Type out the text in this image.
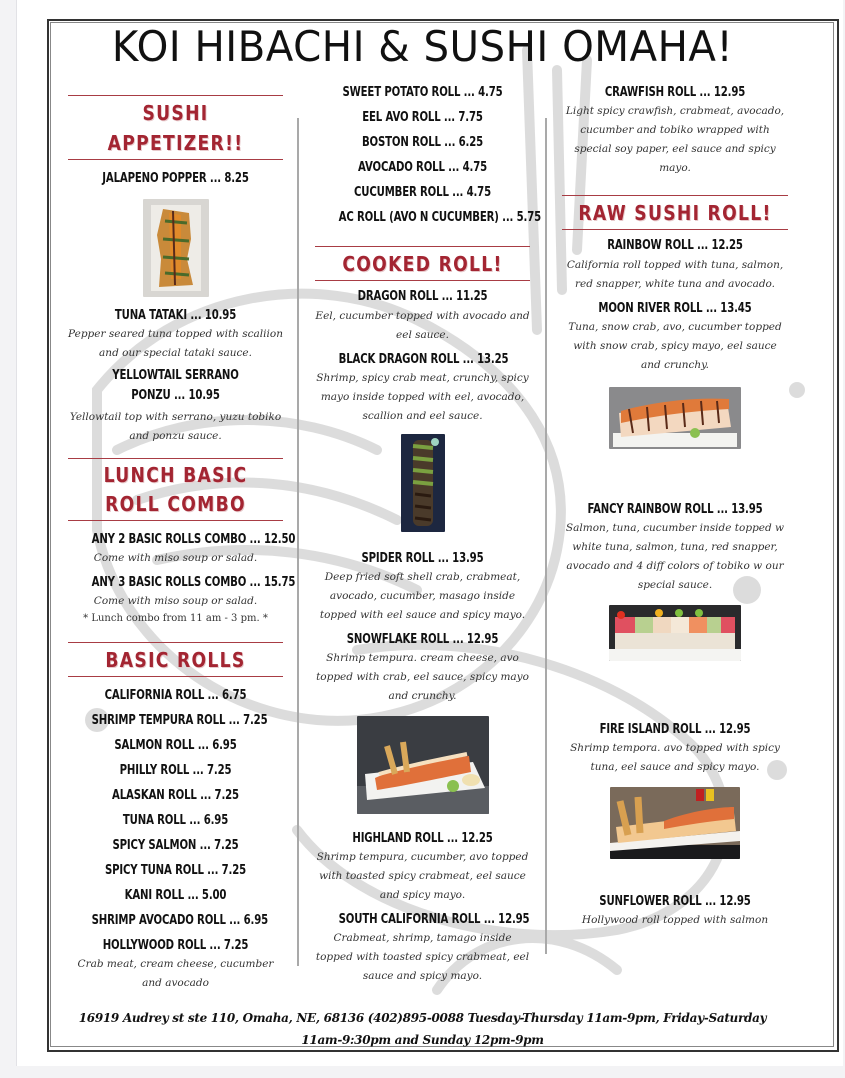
KOI HIBACHI & SUSHI OMAHA!
SUSHI APPETIZER!!
JALAPENO POPPER ... 8.25
TUNA TATAKI ... 10.95
Pepper seared tuna topped with scaliion and our special tataki sauce.
YELLOWTAIL SERRANO PONZU ... 10.95
Yellowtail top with serrano, yuzu tobiko and ponzu sauce.
LUNCH BASIC ROLL COMBO
ANY 2 BASIC ROLLS COMBO ... 12.50
Come with miso soup or salad.
ANY 3 BASIC ROLLS COMBO ... 15.75
Come with miso soup or salad.
* Lunch combo from 11 am - 3 pm. *
BASIC ROLLS
CALIFORNIA ROLL ... 6.75
SHRIMP TEMPURA ROLL ... 7.25
SALMON ROLL ... 6.95
PHILLY ROLL ... 7.25
ALASKAN ROLL ... 7.25
TUNA ROLL ... 6.95
SPICY SALMON ... 7.25
SPICY TUNA ROLL ... 7.25
KANI ROLL ... 5.00
SHRIMP AVOCADO ROLL ... 6.95
HOLLYWOOD ROLL ... 7.25
Crab meat, cream cheese, cucumber and avocado
SWEET POTATO ROLL ... 4.75
EEL AVO ROLL ... 7.75
BOSTON ROLL ... 6.25
AVOCADO ROLL ... 4.75
CUCUMBER ROLL ... 4.75
AC ROLL (AVO N CUCUMBER) ... 5.75
COOKED ROLL!
DRAGON ROLL ... 11.25
Eel, cucumber topped with avocado and eel sauce.
BLACK DRAGON ROLL ... 13.25
Shrimp, spicy crab meat, crunchy, spicy mayo inside topped with eel, avocado, scallion and eel sauce.
SPIDER ROLL ... 13.95
Deep fried soft shell crab, crabmeat, avocado, cucumber, masago inside topped with eel sauce and spicy mayo.
SNOWFLAKE ROLL ... 12.95
Shrimp tempura. cream cheese, avo topped with crab, eel sauce, spicy mayo and crunchy.
HIGHLAND ROLL ... 12.25
Shrimp tempura, cucumber, avo topped with toasted spicy crabmeat, eel sauce and spicy mayo.
SOUTH CALIFORNIA ROLL ... 12.95
Crabmeat, shrimp, tamago inside topped with toasted spicy crabmeat, eel sauce and spicy mayo.
CRAWFISH ROLL ... 12.95
Light spicy crawfish, crabmeat, avocado, cucumber and tobiko wrapped with special soy paper, eel sauce and spicy mayo.
RAW SUSHI ROLL!
RAINBOW ROLL ... 12.25
California roll topped with tuna, salmon, red snapper, white tuna and avocado.
MOON RIVER ROLL ... 13.45
Tuna, snow crab, avo, cucumber topped with snow crab, spicy mayo, eel sauce and crunchy.
FANCY RAINBOW ROLL ... 13.95
Salmon, tuna, cucumber inside topped w white tuna, salmon, tuna, red snapper, avocado and 4 diff colors of tobiko w our special sauce.
FIRE ISLAND ROLL ... 12.95
Shrimp tempora. avo topped with spicy tuna, eel sauce and spicy mayo.
SUNFLOWER ROLL ... 12.95
Hollywood roll topped with salmon
16919 Audrey st ste 110, Omaha, NE, 68136 (402)895-0088 Tuesday-Thursday 11am-9pm, Friday-Saturday
11am-9:30pm and Sunday 12pm-9pm
